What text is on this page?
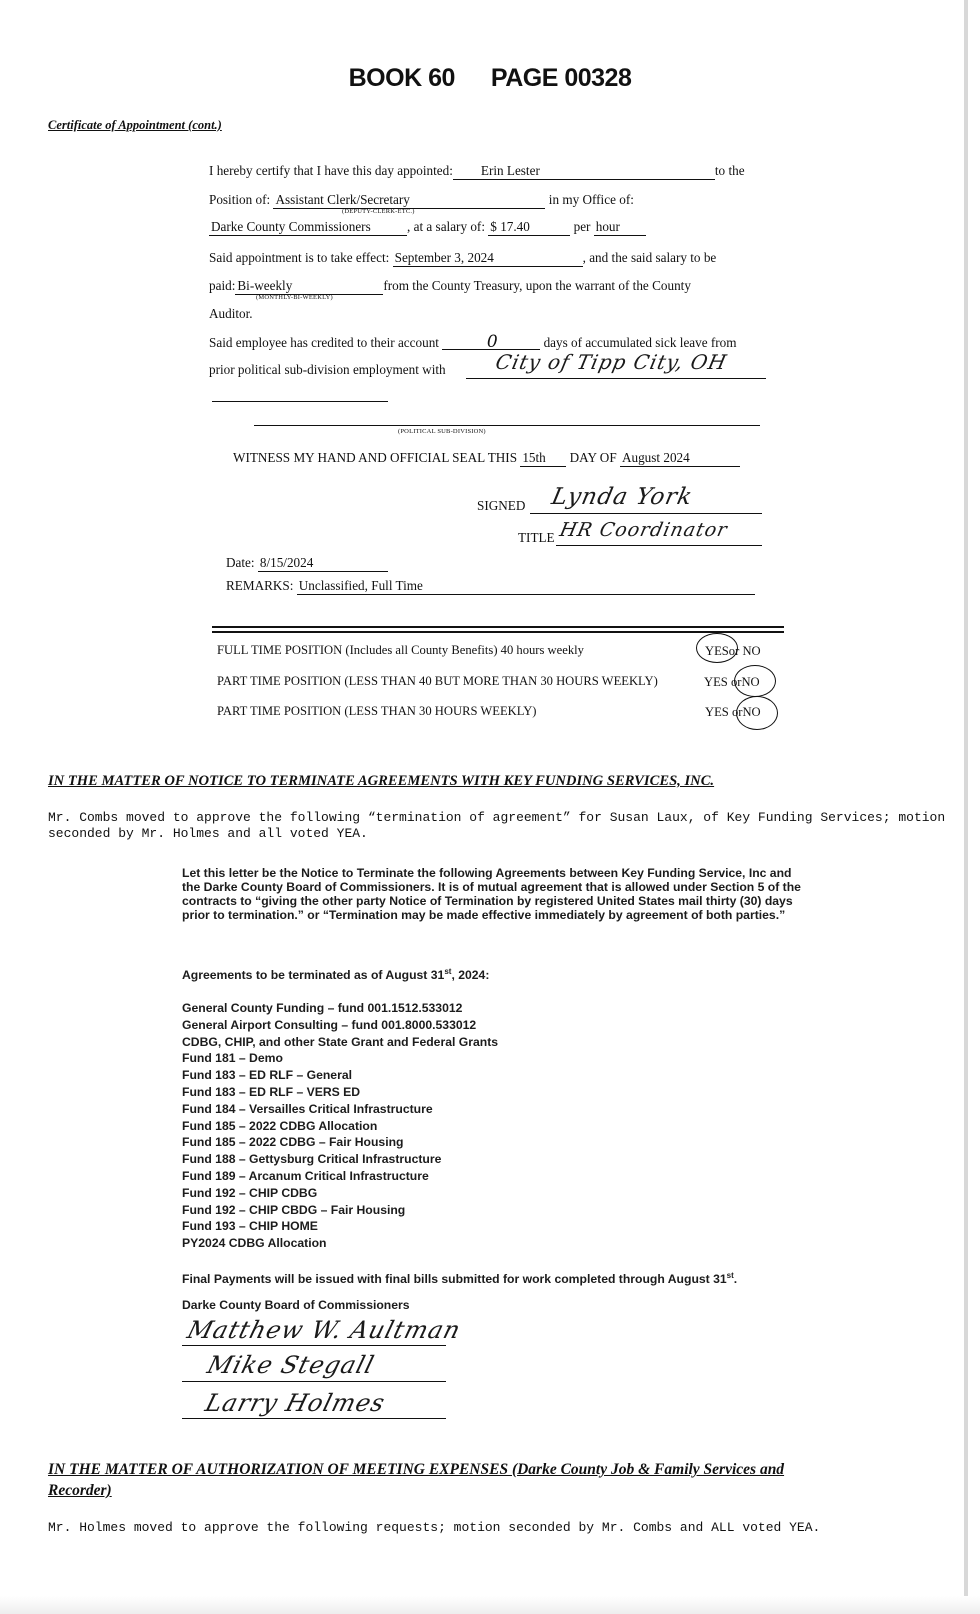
BOOK 60 PAGE 00328
Certificate of Appointment (cont.)
I hereby certify that I have this day appointed: Erin Lester	to the
Position of: Assistant Clerk/Secretary	in my Office of:
(DEPUTY-CLERK-ETC.)
Darke County Commissioners	, at a salary of: $ 17.40	per hour
Said appointment is to take effect: September 3, 2024	, and the said salary to be
paid: Bi-weekly	from the County Treasury, upon the warrant of the County
(MONTHLY-BI-WEEKLY)
Auditor.
Said employee has credited to their account	0	days of accumulated sick leave from
prior political sub-division employment with City of Tipp City, OH
(POLITICAL SUB-DIVISION)
WITNESS MY HAND AND OFFICIAL SEAL THIS 15th DAY OF August 2024
SIGNED Lynda York
TITLE HR Coordinator
Date: 8/15/2024
REMARKS: Unclassified, Full Time
FULL TIME POSITION (Includes all County Benefits) 40 hours weekly	YESor NO
PART TIME POSITION (LESS THAN 40 BUT MORE THAN 30 HOURS WEEKLY)	YES orNO
PART TIME POSITION (LESS THAN 30 HOURS WEEKLY)	YES orNO
IN THE MATTER OF NOTICE TO TERMINATE AGREEMENTS WITH KEY FUNDING SERVICES, INC.
Mr. Combs moved to approve the following “termination of agreement” for Susan Laux, of Key Funding Services; motion
seconded by Mr. Holmes and all voted YEA.
Let this letter be the Notice to Terminate the following Agreements between Key Funding Service, Inc and the Darke County Board of Commissioners. It is of mutual agreement that is allowed under Section 5 of the contracts to “giving the other party Notice of Termination by registered United States mail thirty (30) days prior to termination.” or “Termination may be made effective immediately by agreement of both parties.”
Agreements to be terminated as of August 31st, 2024:
General County Funding – fund 001.1512.533012
General Airport Consulting – fund 001.8000.533012
CDBG, CHIP, and other State Grant and Federal Grants
Fund 181 – Demo
Fund 183 – ED RLF – General
Fund 183 – ED RLF – VERS ED
Fund 184 – Versailles Critical Infrastructure
Fund 185 – 2022 CDBG Allocation
Fund 185 – 2022 CDBG – Fair Housing
Fund 188 – Gettysburg Critical Infrastructure
Fund 189 – Arcanum Critical Infrastructure
Fund 192 – CHIP CDBG
Fund 192 – CHIP CBDG – Fair Housing
Fund 193 – CHIP HOME
PY2024 CDBG Allocation
Final Payments will be issued with final bills submitted for work completed through August 31st.
Darke County Board of Commissioners
Matthew W. Aultman
Mike Stegall
Larry Holmes
IN THE MATTER OF AUTHORIZATION OF MEETING EXPENSES (Darke County Job & Family Services and
Recorder)
Mr. Holmes moved to approve the following requests; motion seconded by Mr. Combs and ALL voted YEA.
